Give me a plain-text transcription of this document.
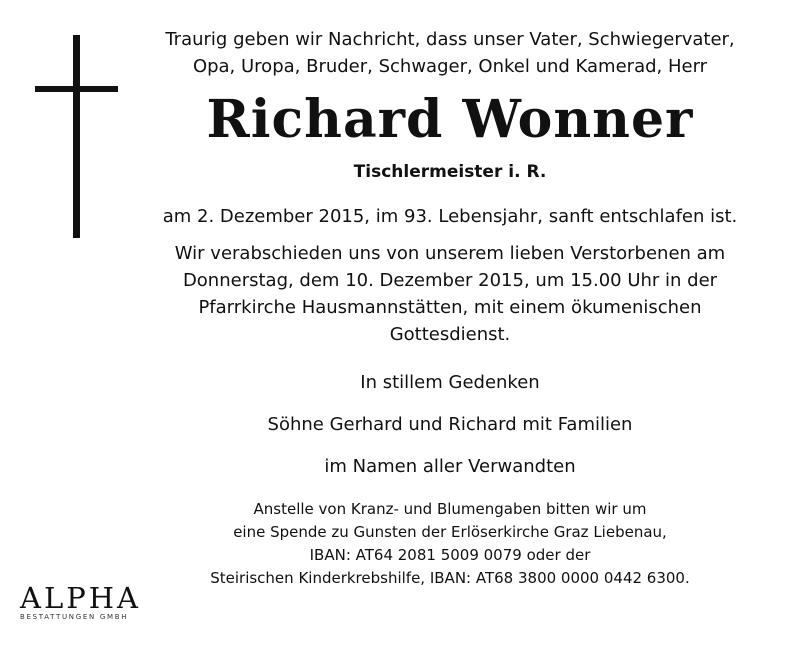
Traurig geben wir Nachricht, dass unser Vater, Schwiegervater,
Opa, Uropa, Bruder, Schwager, Onkel und Kamerad, Herr
Richard Wonner
Tischlermeister i. R.
am 2. Dezember 2015, im 93. Lebensjahr, sanft entschlafen ist.
Wir verabschieden uns von unserem lieben Verstorbenen am
Donnerstag, dem 10. Dezember 2015, um 15.00 Uhr in der
Pfarrkirche Hausmannstätten, mit einem ökumenischen
Gottesdienst.
In stillem Gedenken
Söhne Gerhard und Richard mit Familien
im Namen aller Verwandten
Anstelle von Kranz- und Blumengaben bitten wir um
eine Spende zu Gunsten der Erlöserkirche Graz Liebenau,
IBAN: AT64 2081 5009 0079 oder der
Steirischen Kinderkrebshilfe, IBAN: AT68 3800 0000 0442 6300.
ALPHA
BESTATTUNGEN GMBH
